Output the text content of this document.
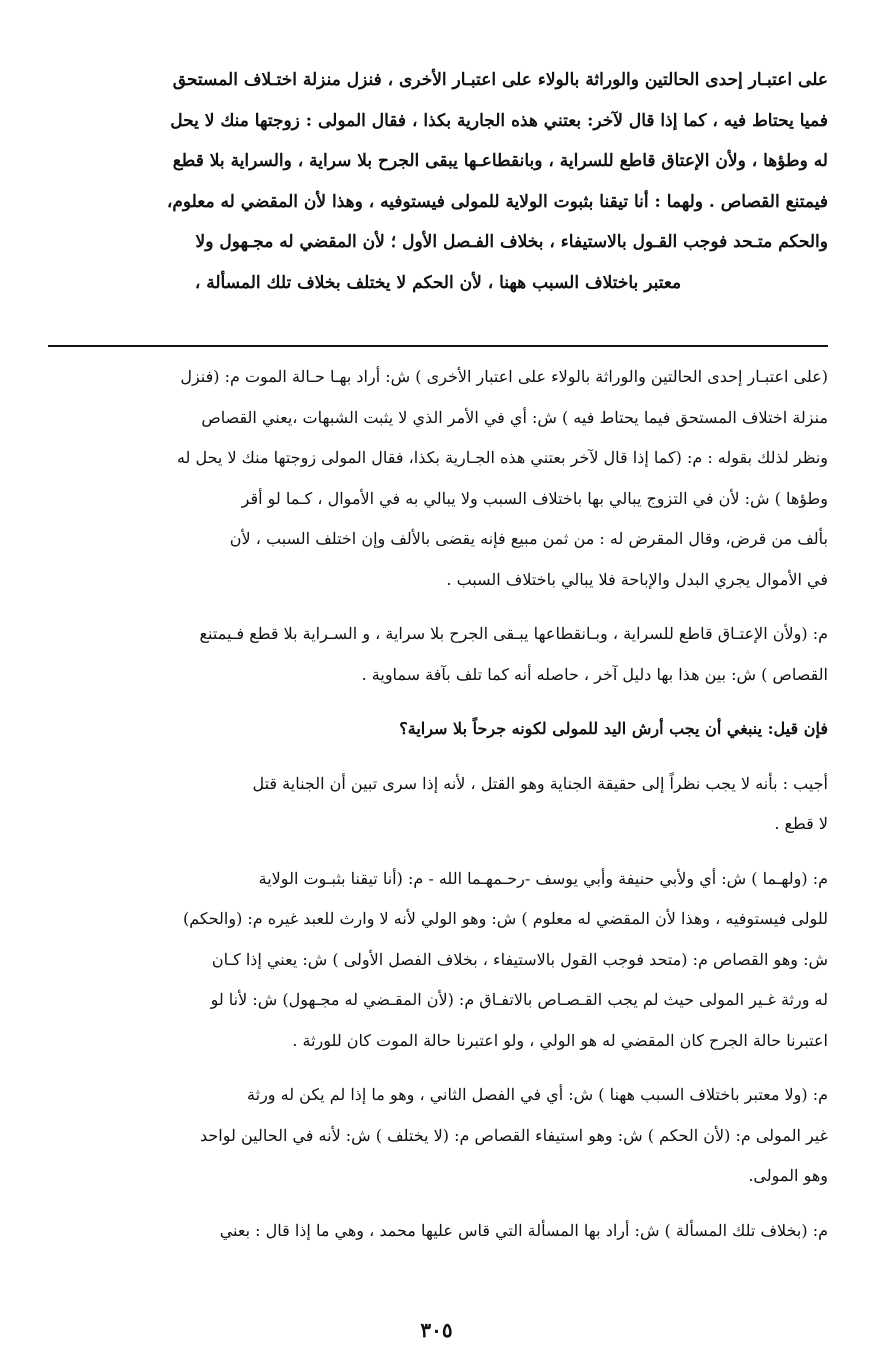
على اعتبـار إحدى الحالتين والوراثة بالولاء على اعتبـار الأخرى ، فنزل منزلة اختـلاف المستحق
فميا يحتاط فيه ، كما إذا قال لآخر: بعتني هذه الجارية بكذا ، فقال المولى : زوجتها منك لا يحل
له وطؤها ، ولأن الإعتاق قاطع للسراية ، وبانقطاعـها يبقى الجرح بلا سراية ، والسراية بلا قطع
فيمتنع القصاص . ولهما : أنا تيقنا بثبوت الولاية للمولى فيستوفيه ، وهذا لأن المقضي له معلوم،
والحكم متـحد فوجب القـول بالاستيفاء ، بخلاف الفـصل الأول ؛ لأن المقضي له مجـهول ولا
معتبر باختلاف السبب ههنا ، لأن الحكم لا يختلف بخلاف تلك المسألة ،
(على اعتبـار إحدى الحالتين والوراثة بالولاء على اعتبار الأخرى ) ش: أراد بهـا حـالة الموت م: (فنزل
منزلة اختلاف المستحق فيما يحتاط فيه ) ش: أي في الأمر الذي لا يثبت الشبهات ،يعني القصاص
ونظر لذلك بقوله : م: (كما إذا قال لآخر بعتني هذه الجـارية بكذا، فقال المولى زوجتها منك لا يحل له
وطؤها ) ش: لأن في التزوج يبالي بها باختلاف السبب ولا يبالي به في الأموال ، كـما لو أقر
بألف من قرض، وقال المقرض له : من ثمن مبيع فإنه يقضى بالألف وإن اختلف السبب ، لأن
في الأموال يجري البدل والإباحة فلا يبالي باختلاف السبب .
م: (ولأن الإعتـاق قاطع للسراية ، وبـانقطاعها يبـقى الجرح بلا سراية ، و السـراية بلا قطع فـيمتنع
القصاص ) ش: بين هذا بها دليل آخر ، حاصله أنه كما تلف بآفة سماوية .
فإن قيل: ينبغي أن يجب أرش اليد للمولى لكونه جرحاً بلا سراية؟
أجيب : بأنه لا يجب نظراً إلى حقيقة الجناية وهو القتل ، لأنه إذا سرى تبين أن الجناية قتل
لا قطع .
م: (ولهـما ) ش: أي ولأبي حنيفة وأبي يوسف -رحـمهـما الله - م: (أنا تيقنا بثبـوت الولاية
للولى فيستوفيه ، وهذا لأن المقضي له معلوم ) ش: وهو الولي لأنه لا وارث للعبد غيره م: (والحكم)
ش: وهو القصاص م: (متحد فوجب القول بالاستيفاء ، بخلاف الفصل الأولى ) ش: يعني إذا كـان
له ورثة غـير المولى حيث لم يجب القـصـاص بالاتفـاق م: (لأن المقـضي له مجـهول) ش: لأنا لو
اعتبرنا حالة الجرح كان المقضي له هو الولي ، ولو اعتبرنا حالة الموت كان للورثة .
م: (ولا معتبر باختلاف السبب ههنا ) ش: أي في الفصل الثاني ، وهو ما إذا لم يكن له ورثة
غير المولى م: (لأن الحكم ) ش: وهو استيفاء القصاص م: (لا يختلف ) ش: لأنه في الحالين لواحد
وهو المولى.
م: (بخلاف تلك المسألة ) ش: أراد بها المسألة التي قاس عليها محمد ، وهي ما إذا قال : بعني
٣٠٥
